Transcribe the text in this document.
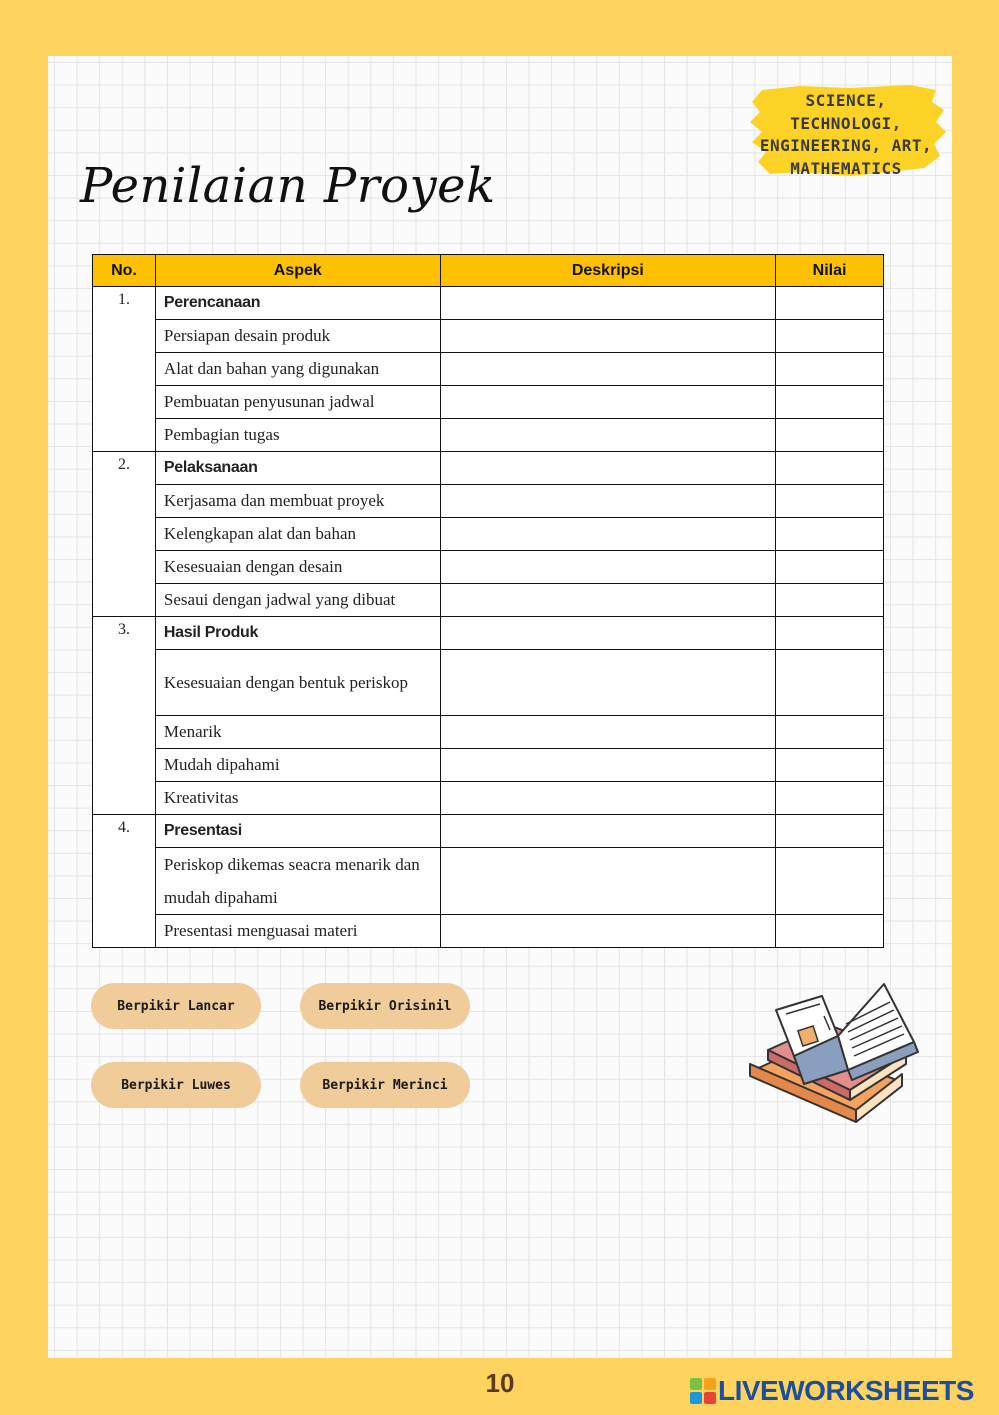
SCIENCE,
TECHNOLOGI,
ENGINEERING, ART,
MATHEMATICS
Penilaian Proyek
No.	Aspek	Deskripsi	Nilai
1.	Perencanaan		
	Persiapan desain produk		
	Alat dan bahan yang digunakan		
	Pembuatan penyusunan jadwal		
	Pembagian tugas		
2.	Pelaksanaan		
	Kerjasama dan membuat proyek		
	Kelengkapan alat dan bahan		
	Kesesuaian dengan desain		
	Sesaui dengan jadwal yang dibuat		
3.	Hasil Produk		
	Kesesuaian dengan bentuk periskop		
	Menarik		
	Mudah dipahami		
	Kreativitas		
4.	Presentasi		
	Periskop dikemas seacra menarik dan mudah dipahami		
	Presentasi menguasai materi		
Berpikir Lancar	Berpikir Orisinil
Berpikir Luwes	Berpikir Merinci
10	LIVEWORKSHEETS
